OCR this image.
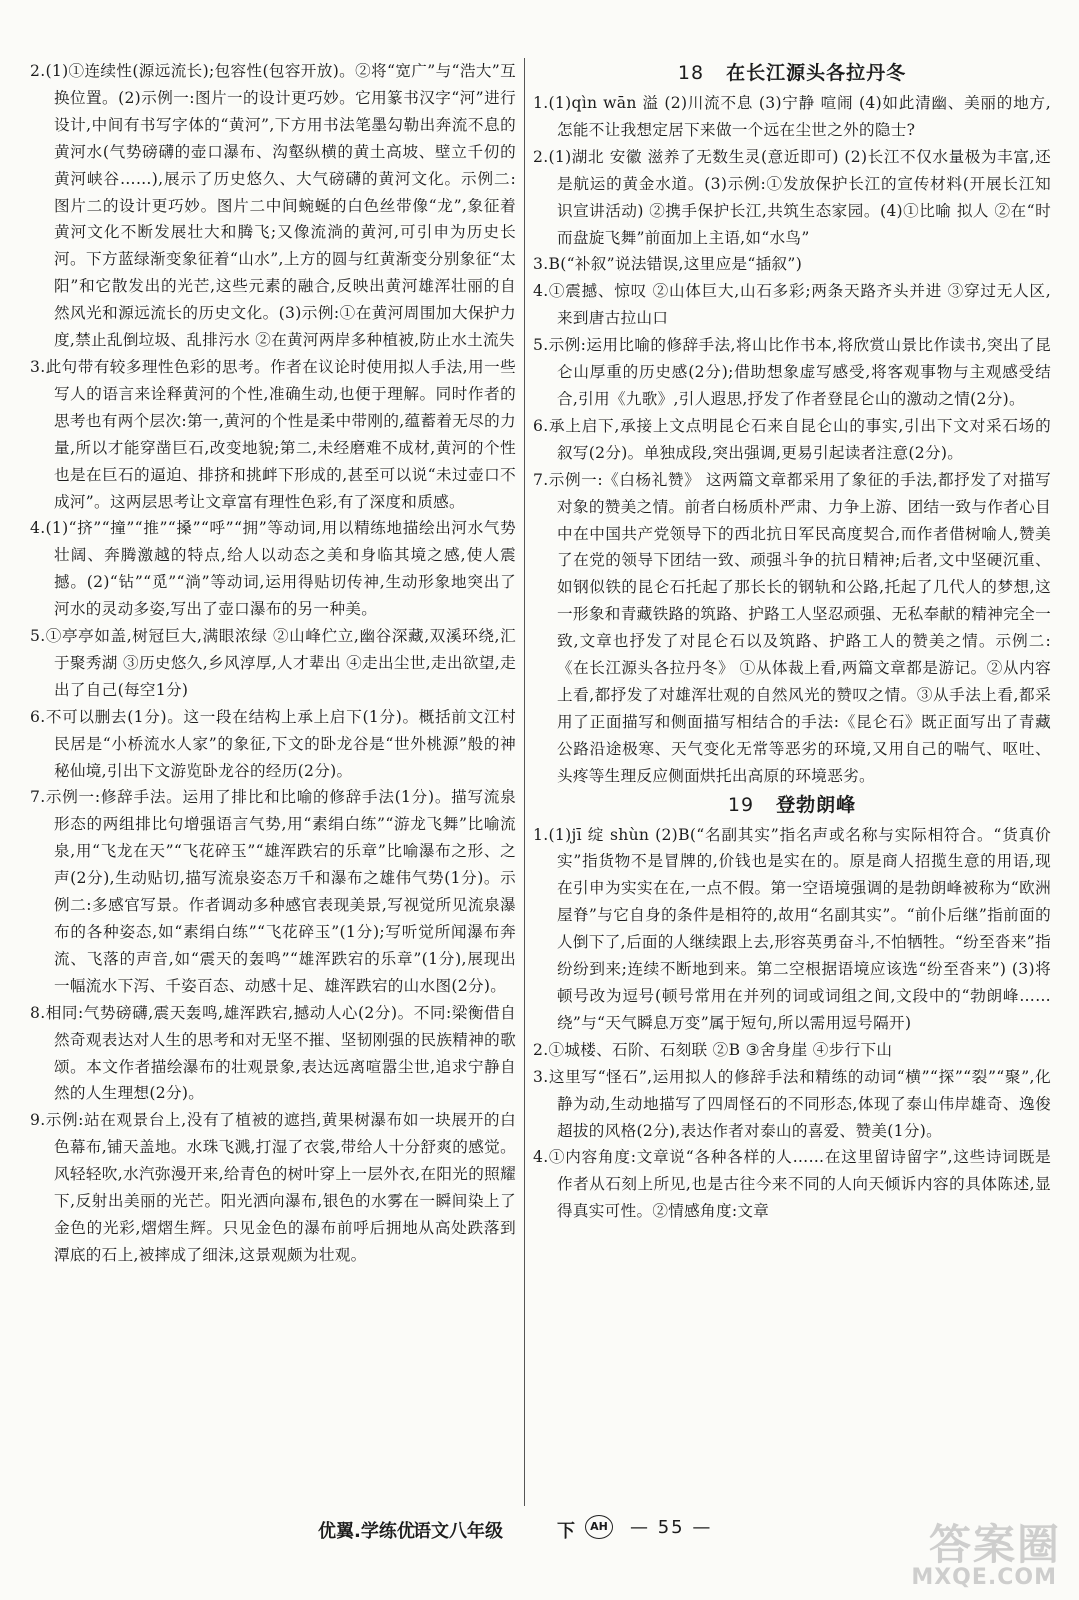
2.(1)①连续性(源远流长);包容性(包容开放)。②将“宽广”与“浩大”互换位置。(2)示例一:图片一的设计更巧妙。它用篆书汉字“河”进行设计,中间有书写字体的“黄河”,下方用书法笔墨勾勒出奔流不息的黄河水(气势磅礴的壶口瀑布、沟壑纵横的黄土高坡、壁立千仞的黄河峡谷……),展示了历史悠久、大气磅礴的黄河文化。示例二:图片二的设计更巧妙。图片二中间蜿蜒的白色丝带像“龙”,象征着黄河文化不断发展壮大和腾飞;又像流淌的黄河,可引申为历史长河。下方蓝绿渐变象征着“山水”,上方的圆与红黄渐变分别象征“太阳”和它散发出的光芒,这些元素的融合,反映出黄河雄浑壮丽的自然风光和源远流长的历史文化。(3)示例:①在黄河周围加大保护力度,禁止乱倒垃圾、乱排污水 ②在黄河两岸多种植被,防止水土流失

3.此句带有较多理性色彩的思考。作者在议论时使用拟人手法,用一些写人的语言来诠释黄河的个性,准确生动,也便于理解。同时作者的思考也有两个层次:第一,黄河的个性是柔中带刚的,蕴蓄着无尽的力量,所以才能穿凿巨石,改变地貌;第二,未经磨难不成材,黄河的个性也是在巨石的逼迫、排挤和挑衅下形成的,甚至可以说“未过壶口不成河”。这两层思考让文章富有理性色彩,有了深度和质感。

4.(1)“挤”“撞”“推”“搡”“呼”“拥”等动词,用以精练地描绘出河水气势壮阔、奔腾激越的特点,给人以动态之美和身临其境之感,使人震撼。(2)“钻”“觅”“淌”等动词,运用得贴切传神,生动形象地突出了河水的灵动多姿,写出了壶口瀑布的另一种美。

5.①亭亭如盖,树冠巨大,满眼浓绿 ②山峰伫立,幽谷深藏,双溪环绕,汇于聚秀湖 ③历史悠久,乡风淳厚,人才辈出 ④走出尘世,走出欲望,走出了自己(每空1分)

6.不可以删去(1分)。这一段在结构上承上启下(1分)。概括前文江村民居是“小桥流水人家”的象征,下文的卧龙谷是“世外桃源”般的神秘仙境,引出下文游览卧龙谷的经历(2分)。

7.示例一:修辞手法。运用了排比和比喻的修辞手法(1分)。描写流泉形态的两组排比句增强语言气势,用“素绢白练”“游龙飞舞”比喻流泉,用“飞龙在天”“飞花碎玉”“雄浑跌宕的乐章”比喻瀑布之形、之声(2分),生动贴切,描写流泉姿态万千和瀑布之雄伟气势(1分)。示例二:多感官写景。作者调动多种感官表现美景,写视觉所见流泉瀑布的各种姿态,如“素绢白练”“飞花碎玉”(1分);写听觉所闻瀑布奔流、飞落的声音,如“震天的轰鸣”“雄浑跌宕的乐章”(1分),展现出一幅流水下泻、千姿百态、动感十足、雄浑跌宕的山水图(2分)。

8.相同:气势磅礴,震天轰鸣,雄浑跌宕,撼动人心(2分)。不同:梁衡借自然奇观表达对人生的思考和对无坚不摧、坚韧刚强的民族精神的歌颂。本文作者描绘瀑布的壮观景象,表达远离喧嚣尘世,追求宁静自然的人生理想(2分)。

9.示例:站在观景台上,没有了植被的遮挡,黄果树瀑布如一块展开的白色幕布,铺天盖地。水珠飞溅,打湿了衣裳,带给人十分舒爽的感觉。风轻轻吹,水汽弥漫开来,给青色的树叶穿上一层外衣,在阳光的照耀下,反射出美丽的光芒。阳光洒向瀑布,银色的水雾在一瞬间染上了金色的光彩,熠熠生辉。只见金色的瀑布前呼后拥地从高处跌落到潭底的石上,被摔成了细沫,这景观颇为壮观。

18 在长江源头各拉丹冬

1.(1)qìn wān 溢 (2)川流不息 (3)宁静 喧闹 (4)如此清幽、美丽的地方,怎能不让我想定居下来做一个远在尘世之外的隐士?

2.(1)湖北 安徽 滋养了无数生灵(意近即可) (2)长江不仅水量极为丰富,还是航运的黄金水道。(3)示例:①发放保护长江的宣传材料(开展长江知识宣讲活动) ②携手保护长江,共筑生态家园。(4)①比喻 拟人 ②在“时而盘旋飞舞”前面加上主语,如“水鸟”

3.B(“补叙”说法错误,这里应是“插叙”)

4.①震撼、惊叹 ②山体巨大,山石多彩;两条天路齐头并进 ③穿过无人区,来到唐古拉山口

5.示例:运用比喻的修辞手法,将山比作书本,将欣赏山景比作读书,突出了昆仑山厚重的历史感(2分);借助想象虚写感受,将客观事物与主观感受结合,引用《九歌》,引人遐思,抒发了作者登昆仑山的激动之情(2分)。

6.承上启下,承接上文点明昆仑石来自昆仑山的事实,引出下文对采石场的叙写(2分)。单独成段,突出强调,更易引起读者注意(2分)。

7.示例一:《白杨礼赞》 这两篇文章都采用了象征的手法,都抒发了对描写对象的赞美之情。前者白杨质朴严肃、力争上游、团结一致与作者心目中在中国共产党领导下的西北抗日军民高度契合,而作者借树喻人,赞美了在党的领导下团结一致、顽强斗争的抗日精神;后者,文中坚硬沉重、如钢似铁的昆仑石托起了那长长的钢轨和公路,托起了几代人的梦想,这一形象和青藏铁路的筑路、护路工人坚忍顽强、无私奉献的精神完全一致,文章也抒发了对昆仑石以及筑路、护路工人的赞美之情。示例二:《在长江源头各拉丹冬》 ①从体裁上看,两篇文章都是游记。②从内容上看,都抒发了对雄浑壮观的自然风光的赞叹之情。③从手法上看,都采用了正面描写和侧面描写相结合的手法:《昆仑石》既正面写出了青藏公路沿途极寒、天气变化无常等恶劣的环境,又用自己的喘气、呕吐、头疼等生理反应侧面烘托出高原的环境恶劣。

19 登勃朗峰

1.(1)jī 绽 shùn (2)B(“名副其实”指名声或名称与实际相符合。“货真价实”指货物不是冒牌的,价钱也是实在的。原是商人招揽生意的用语,现在引申为实实在在,一点不假。第一空语境强调的是勃朗峰被称为“欧洲屋脊”与它自身的条件是相符的,故用“名副其实”。“前仆后继”指前面的人倒下了,后面的人继续跟上去,形容英勇奋斗,不怕牺牲。“纷至沓来”指纷纷到来;连续不断地到来。第二空根据语境应该选“纷至沓来”) (3)将顿号改为逗号(顿号常用在并列的词或词组之间,文段中的“勃朗峰……绕”与“天气瞬息万变”属于短句,所以需用逗号隔开)

2.①城楼、石阶、石刻联 ②B ③舍身崖 ④步行下山

3.这里写“怪石”,运用拟人的修辞手法和精练的动词“横”“探”“裂”“聚”,化静为动,生动地描写了四周怪石的不同形态,体现了泰山伟岸雄奇、逸俊超拔的风格(2分),表达作者对泰山的喜爱、赞美(1分)。

4.①内容角度:文章说“各种各样的人……在这里留诗留字”,这些诗词既是作者从石刻上所见,也是古往今来不同的人向天倾诉内容的具体陈述,显得真实可性。②情感角度:文章

优翼.学练优
语文八年级	下	AH — 55 —	答案圈
MXQE.COM
